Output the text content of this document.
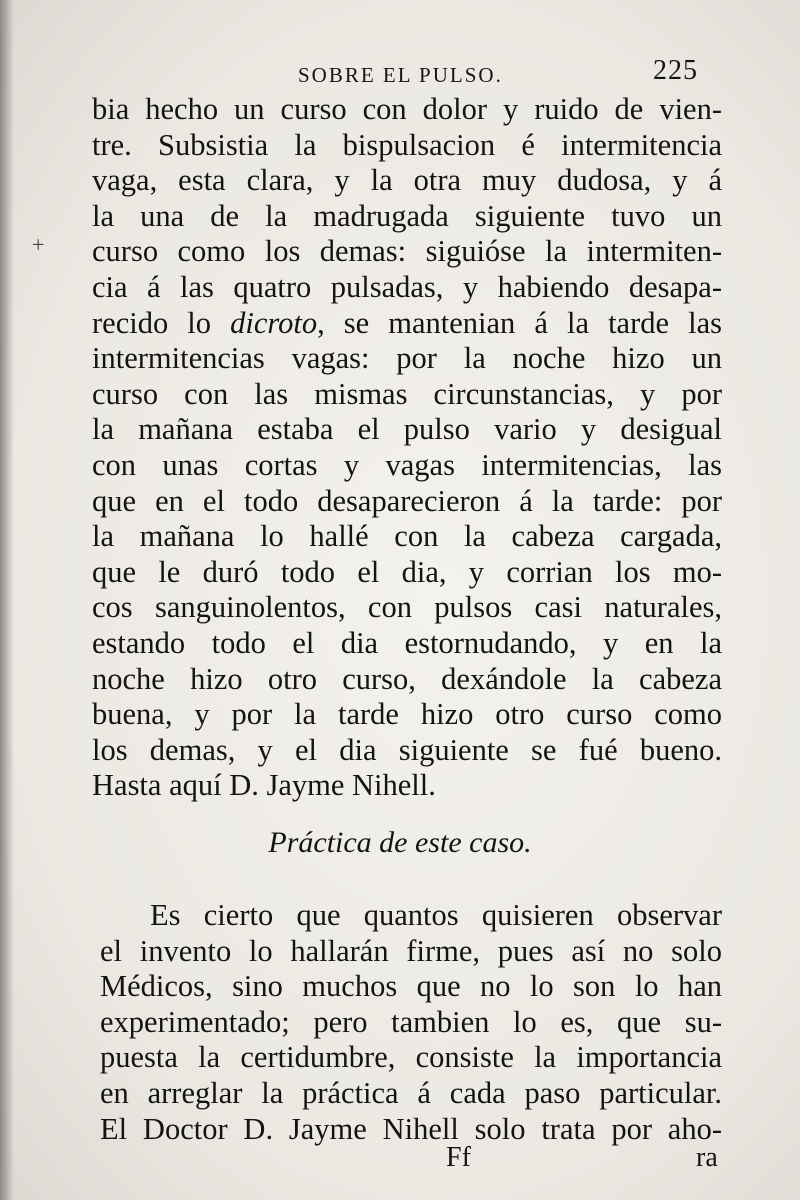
SOBRE EL PULSO.	225
+
bia hecho un curso con dolor y ruido de vien-
tre. Subsistia la bispulsacion é intermitencia
vaga, esta clara, y la otra muy dudosa, y á
la una de la madrugada siguiente tuvo un
curso como los demas: siguióse la intermiten-
cia á las quatro pulsadas, y habiendo desapa-
recido lo dicroto, se mantenian á la tarde las
intermitencias vagas: por la noche hizo un
curso con las mismas circunstancias, y por
la mañana estaba el pulso vario y desigual
con unas cortas y vagas intermitencias, las
que en el todo desaparecieron á la tarde: por
la mañana lo hallé con la cabeza cargada,
que le duró todo el dia, y corrian los mo-
cos sanguinolentos, con pulsos casi naturales,
estando todo el dia estornudando, y en la
noche hizo otro curso, dexándole la cabeza
buena, y por la tarde hizo otro curso como
los demas, y el dia siguiente se fué bueno.
Hasta aquí D. Jayme Nihell.
Práctica de este caso.
Es cierto que quantos quisieren observar
el invento lo hallarán firme, pues así no solo
Médicos, sino muchos que no lo son lo han
experimentado; pero tambien lo es, que su-
puesta la certidumbre, consiste la importancia
en arreglar la práctica á cada paso particular.
El Doctor D. Jayme Nihell solo trata por aho-
Ff	ra
